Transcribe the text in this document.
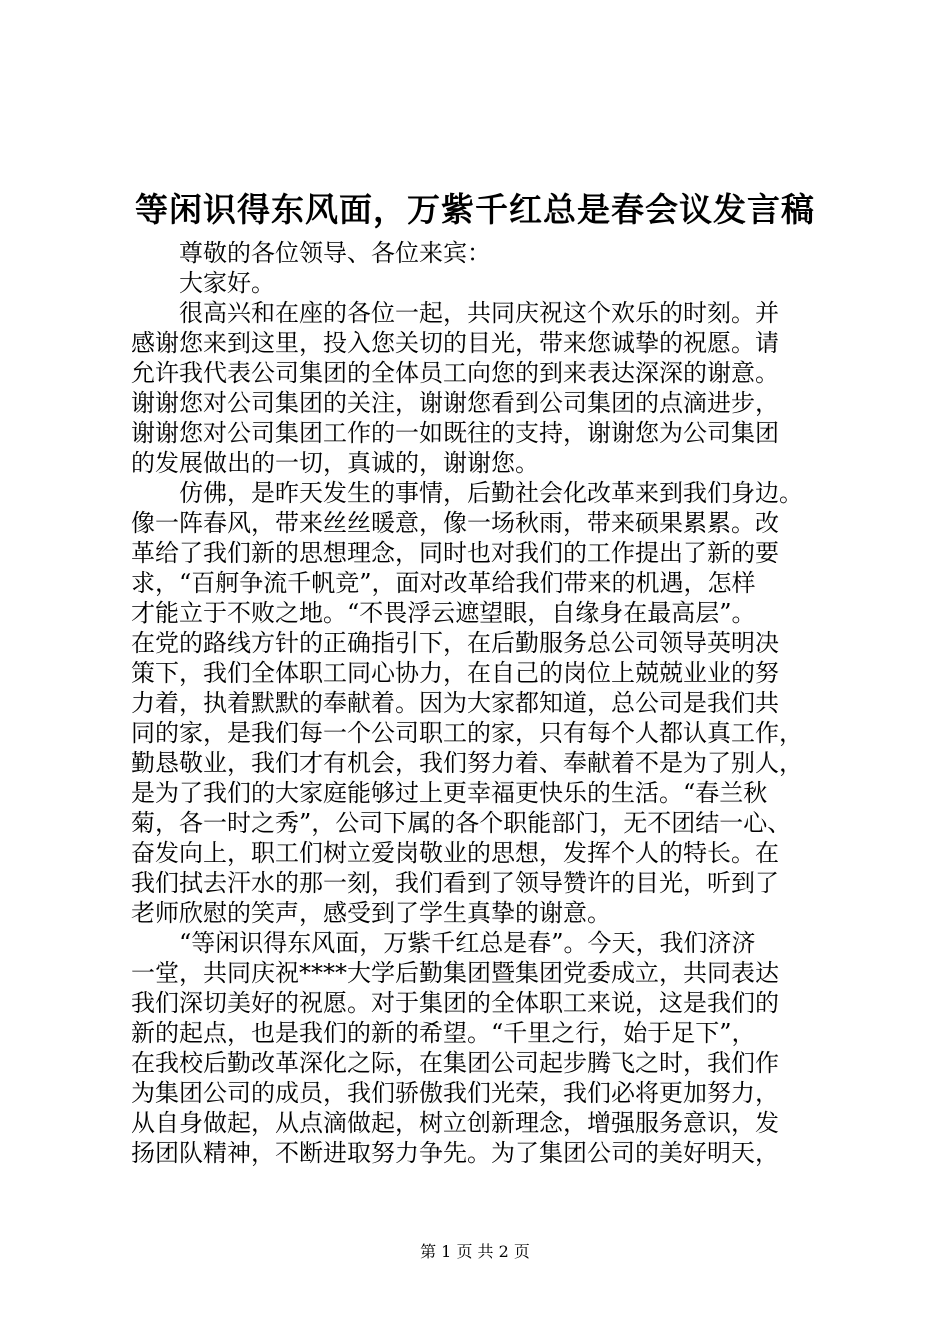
等闲识得东风面，万紫千红总是春会议发言稿
尊敬的各位领导、各位来宾：
大家好。
很高兴和在座的各位一起，共同庆祝这个欢乐的时刻。并
感谢您来到这里，投入您关切的目光，带来您诚挚的祝愿。请
允许我代表公司集团的全体员工向您的到来表达深深的谢意。
谢谢您对公司集团的关注，谢谢您看到公司集团的点滴进步，
谢谢您对公司集团工作的一如既往的支持，谢谢您为公司集团
的发展做出的一切，真诚的，谢谢您。
仿佛，是昨天发生的事情，后勤社会化改革来到我们身边。
像一阵春风，带来丝丝暖意，像一场秋雨，带来硕果累累。改
革给了我们新的思想理念，同时也对我们的工作提出了新的要
求，“百舸争流千帆竞”，面对改革给我们带来的机遇，怎样
才能立于不败之地。“不畏浮云遮望眼，自缘身在最高层”。
在党的路线方针的正确指引下，在后勤服务总公司领导英明决
策下，我们全体职工同心协力，在自己的岗位上兢兢业业的努
力着，执着默默的奉献着。因为大家都知道，总公司是我们共
同的家，是我们每一个公司职工的家，只有每个人都认真工作，
勤恳敬业，我们才有机会，我们努力着、奉献着不是为了别人，
是为了我们的大家庭能够过上更幸福更快乐的生活。“春兰秋
菊，各一时之秀”，公司下属的各个职能部门，无不团结一心、
奋发向上，职工们树立爱岗敬业的思想，发挥个人的特长。在
我们拭去汗水的那一刻，我们看到了领导赞许的目光，听到了
老师欣慰的笑声，感受到了学生真挚的谢意。
“等闲识得东风面，万紫千红总是春”。今天，我们济济
一堂，共同庆祝****大学后勤集团暨集团党委成立，共同表达
我们深切美好的祝愿。对于集团的全体职工来说，这是我们的
新的起点，也是我们的新的希望。“千里之行，始于足下”，
在我校后勤改革深化之际，在集团公司起步腾飞之时，我们作
为集团公司的成员，我们骄傲我们光荣，我们必将更加努力，
从自身做起，从点滴做起，树立创新理念，增强服务意识，发
扬团队精神，不断进取努力争先。为了集团公司的美好明天，
第 1 页 共 2 页
